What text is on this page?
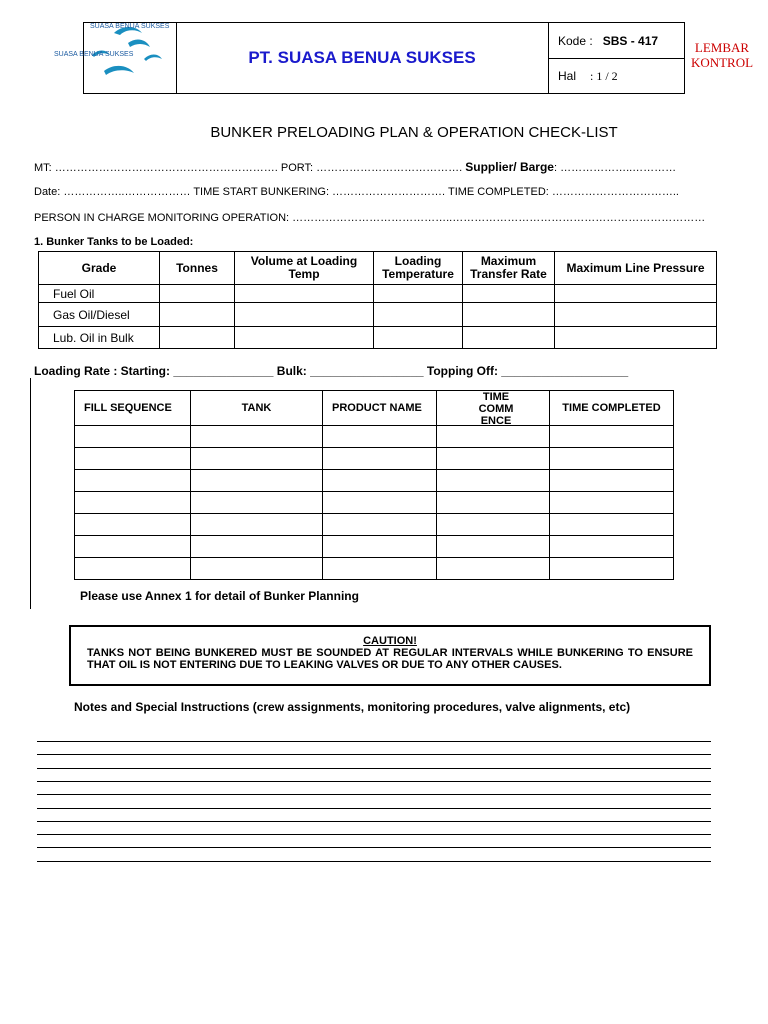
SUASA BENUA SUKSES
SUASA BENUA SUKSES	PT. SUASA BENUA SUKSES
Kode : SBS - 417
Hal : 1 / 2
LEMBAR
KONTROL
BUNKER PRELOADING PLAN & OPERATION CHECK-LIST
MT: ……………………………………………………. PORT: …………………………………. Supplier/ Barge: ………………..…………
Date: ……………..……………… TIME START BUNKERING: …………………………. TIME COMPLETED: ……………………………..
PERSON IN CHARGE MONITORING OPERATION: ……………………………………..……………………………………………………………
1. Bunker Tanks to be Loaded:
Grade	Tonnes	Volume at Loading Temp	Loading Temperature	Maximum Transfer Rate	Maximum Line Pressure
Fuel Oil					
Gas Oil/Diesel					
Lub. Oil in Bulk					
Loading Rate : Starting: _______________ Bulk: _________________ Topping Off: ___________________
FILL SEQUENCE	TANK	PRODUCT NAME	TIME COMM ENCE	TIME COMPLETED

Please use Annex 1 for detail of Bunker Planning
CAUTION!
TANKS NOT BEING BUNKERED MUST BE SOUNDED AT REGULAR INTERVALS WHILE BUNKERING TO ENSURE THAT OIL IS NOT ENTERING DUE TO LEAKING VALVES OR DUE TO ANY OTHER CAUSES.
Notes and Special Instructions (crew assignments, monitoring procedures, valve alignments, etc)
